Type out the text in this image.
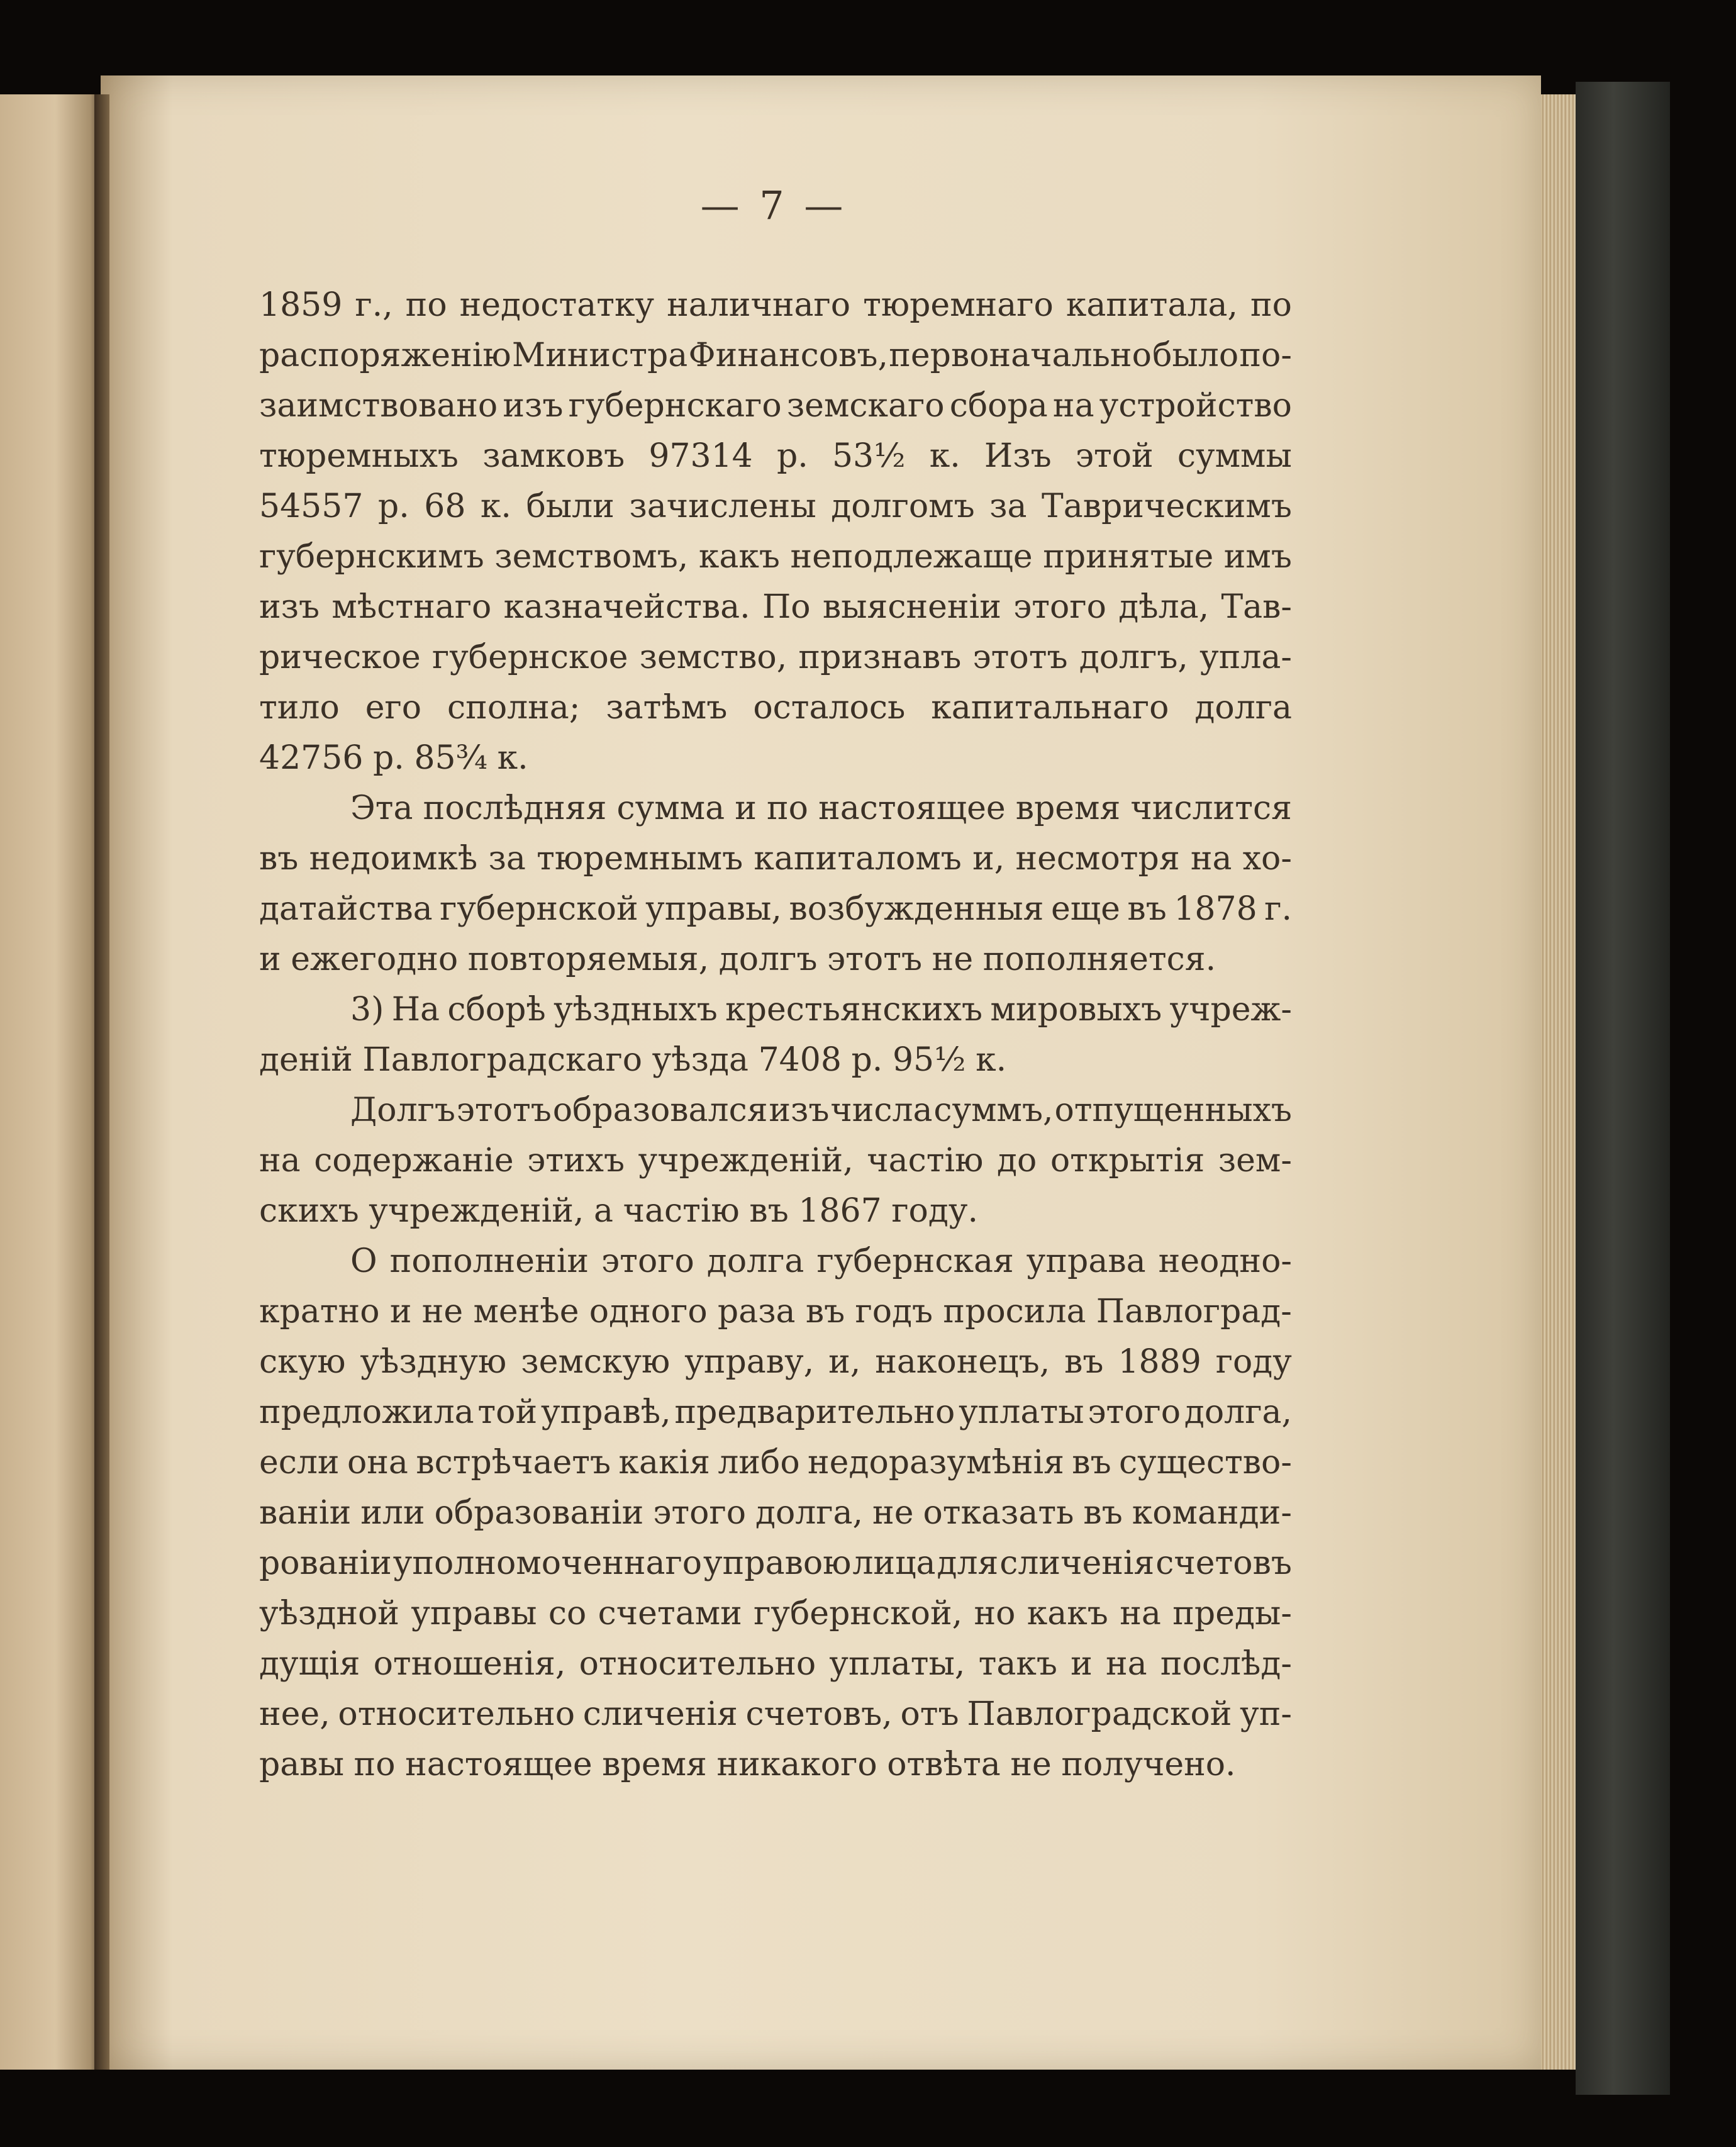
— 7 —
1859 г., по недостатку наличнаго тюремнаго капитала, по
распоряженію Министра Финансовъ, первоначально было по-
заимствовано изъ губернскаго земскаго сбора на устройство
тюремныхъ замковъ 97314 р. 53½ к. Изъ этой суммы
54557 р. 68 к. были зачислены долгомъ за Таврическимъ
губернскимъ земствомъ, какъ неподлежаще принятые имъ
изъ мѣстнаго казначейства. По выясненіи этого дѣла, Тав-
рическое губернское земство, признавъ этотъ долгъ, упла-
тило его сполна; затѣмъ осталось капитальнаго долга
42756 р. 85¾ к.
Эта послѣдняя сумма и по настоящее время числится
въ недоимкѣ за тюремнымъ капиталомъ и, несмотря на хо-
датайства губернской управы, возбужденныя еще въ 1878 г.
и ежегодно повторяемыя, долгъ этотъ не пополняется.
3) На сборѣ уѣздныхъ крестьянскихъ мировыхъ учреж-
деній Павлоградскаго уѣзда 7408 р. 95½ к.
Долгъ этотъ образовался изъ числа суммъ, отпущенныхъ
на содержаніе этихъ учрежденій, частію до открытія зем-
скихъ учрежденій, а частію въ 1867 году.
О пополненіи этого долга губернская управа неодно-
кратно и не менѣе одного раза въ годъ просила Павлоград-
скую уѣздную земскую управу, и, наконецъ, въ 1889 году
предложила той управѣ, предварительно уплаты этого долга,
если она встрѣчаетъ какія либо недоразумѣнія въ существо-
ваніи или образованіи этого долга, не отказать въ команди-
рованіи уполномоченнаго управою лица для сличенія счетовъ
уѣздной управы со счетами губернской, но какъ на преды-
дущія отношенія, относительно уплаты, такъ и на послѣд-
нее, относительно сличенія счетовъ, отъ Павлоградской уп-
равы по настоящее время никакого отвѣта не получено.
